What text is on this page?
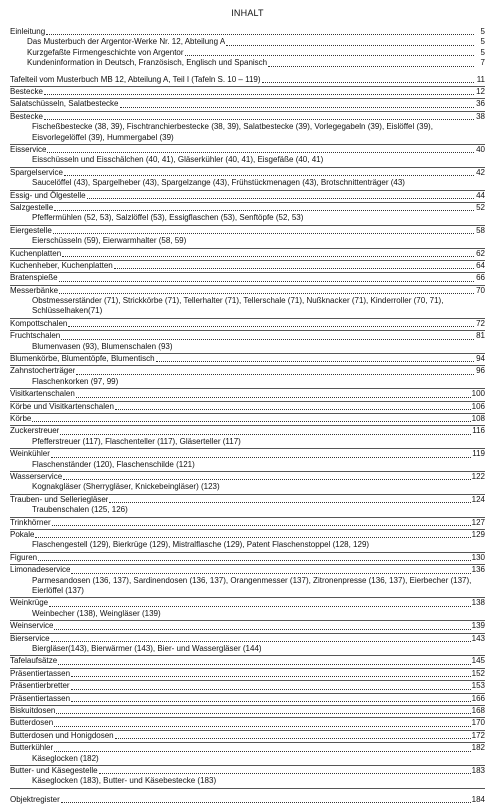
INHALT
Einleitung	5
Das Musterbuch der Argentor-Werke Nr. 12, Abteilung A	5
Kurzgefaßte Firmengeschichte von Argentor	5
Kundeninformation in Deutsch, Französisch, Englisch und Spanisch	7
Tafelteil vom Musterbuch MB 12, Abteilung A, Teil I (Tafeln S. 10 – 119)	11
Bestecke	12
Salatschüsseln, Salatbestecke	36
Bestecke	38
Fischeßbestecke (38, 39), Fischtranchierbestecke (38, 39), Salatbestecke (39), Vorlegegabeln (39), Eislöffel (39), Eisvorlegelöffel (39), Hummergabel (39)
Eisservice	40
Eisschüsseln und Eisschälchen (40, 41), Gläserkühler (40, 41), Eisgefäße (40, 41)
Spargelservice	42
Saucelöffel (43), Spargelheber (43), Spargelzange (43), Frühstückmenagen (43), Brotschnittenträger (43)
Essig- und Ölgestelle	44
Salzgestelle	52
Pfeffermühlen (52, 53), Salzlöffel (53), Essigflaschen (53), Senftöpfe (52, 53)
Eiergestelle	58
Eierschüsseln (59), Eierwarmhalter (58, 59)
Kuchenplatten	62
Kuchenheber, Kuchenplatten	64
Bratenspieße	66
Messerbänke	70
Obstmesserständer (71), Strickkörbe (71), Tellerhalter (71), Tellerschale (71), Nußknacker (71), Kinderroller (70, 71), Schlüsselhaken(71)
Kompottschalen	72
Fruchtschalen	81
Blumenvasen (93), Blumenschalen (93)
Blumenkörbe, Blumentöpfe, Blumentisch	94
Zahnstocherträger	96
Flaschenkorken (97, 99)
Visitkartenschalen	100
Körbe und Visitkartenschalen	106
Körbe	108
Zuckerstreuer	116
Pfefferstreuer (117), Flaschenteller (117), Gläserteller (117)
Weinkühler	119
Flaschenständer (120), Flaschenschilde (121)
Wasserservice	122
Kognakgläser (Sherrygläser, Knickebeingläser) (123)
Trauben- und Selleriegläser	124
Traubenschalen (125, 126)
Trinkhörner	127
Pokale	129
Flaschengestell (129), Bierkrüge (129), Mistralflasche (129), Patent Flaschenstoppel (128, 129)
Figuren	130
Limonadeservice	136
Parmesandosen (136, 137), Sardinendosen (136, 137), Orangenmesser (137), Zitronenpresse (136, 137), Eierbecher (137), Eierlöffel (137)
Weinkrüge	138
Weinbecher (138), Weingläser (139)
Weinservice	139
Bierservice	143
Biergläser(143), Bierwärmer (143), Bier- und Wassergläser (144)
Tafelaufsätze	145
Präsentiertassen	152
Präsentierbretter	153
Präsentiertassen	166
Biskuitdosen	168
Butterdosen	170
Butterdosen und Honigdosen	172
Butterkühler	182
Käseglocken (182)
Butter- und Käsegestelle	183
Käseglocken (183), Butter- und Käsebestecke (183)
Objektregister	184
